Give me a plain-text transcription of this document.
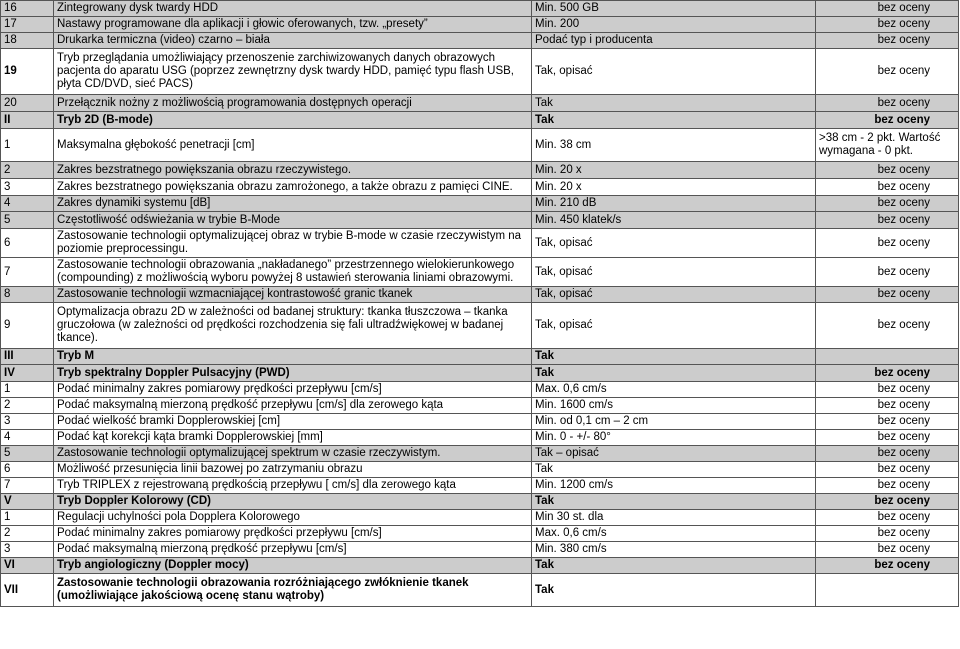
16	Zintegrowany dysk twardy HDD	Min. 500 GB	bez oceny
17	Nastawy programowane dla aplikacji i głowic oferowanych, tzw. „presety”	Min. 200	bez oceny
18	Drukarka termiczna (video) czarno – biała	Podać typ i producenta	bez oceny
19	Tryb przeglądania umożliwiający przenoszenie zarchiwizowanych danych obrazowych pacjenta do aparatu USG (poprzez zewnętrzny dysk twardy HDD, pamięć typu flash USB, płyta CD/DVD, sieć PACS)	Tak, opisać	bez oceny
20	Przełącznik nożny z możliwością programowania dostępnych operacji	Tak	bez oceny
II	Tryb 2D (B-mode)	Tak	bez oceny
1	Maksymalna głębokość penetracji [cm]	Min. 38 cm	>38 cm - 2 pkt. Wartość wymagana - 0 pkt.
2	Zakres bezstratnego powiększania obrazu rzeczywistego.	Min. 20 x	bez oceny
3	Zakres bezstratnego powiększania obrazu zamrożonego, a także obrazu z pamięci CINE.	Min. 20 x	bez oceny
4	Zakres dynamiki systemu [dB]	Min. 210 dB	bez oceny
5	Częstotliwość odświeżania w trybie B-Mode	Min. 450 klatek/s	bez oceny
6	Zastosowanie technologii optymalizującej obraz w trybie B-mode w czasie rzeczywistym na poziomie preprocessingu.	Tak, opisać	bez oceny
7	Zastosowanie technologii obrazowania „nakładanego” przestrzennego wielokierunkowego (compounding) z możliwością wyboru powyżej 8 ustawień sterowania liniami obrazowymi.	Tak, opisać	bez oceny
8	Zastosowanie technologii wzmacniającej kontrastowość granic tkanek	Tak, opisać	bez oceny
9	Optymalizacja obrazu 2D w zależności od badanej struktury: tkanka tłuszczowa – tkanka gruczołowa (w zależności od prędkości rozchodzenia się fali ultradźwiękowej w badanej tkance).	Tak, opisać	bez oceny
III	Tryb M	Tak	
IV	Tryb spektralny Doppler Pulsacyjny (PWD)	Tak	bez oceny
1	Podać minimalny zakres pomiarowy prędkości przepływu [cm/s]	Max. 0,6 cm/s	bez oceny
2	Podać maksymalną mierzoną prędkość przepływu [cm/s] dla zerowego kąta	Min. 1600 cm/s	bez oceny
3	Podać wielkość bramki Dopplerowskiej [cm]	Min. od 0,1 cm – 2 cm	bez oceny
4	Podać kąt korekcji kąta bramki Dopplerowskiej [mm]	Min. 0 - +/- 80°	bez oceny
5	Zastosowanie technologii optymalizującej spektrum w czasie rzeczywistym.	Tak – opisać	bez oceny
6	Możliwość przesunięcia linii bazowej po zatrzymaniu obrazu	Tak	bez oceny
7	Tryb TRIPLEX z rejestrowaną prędkością przepływu [ cm/s] dla zerowego kąta	Min. 1200 cm/s	bez oceny
V	Tryb Doppler Kolorowy (CD)	Tak	bez oceny
1	Regulacji uchylności pola Dopplera Kolorowego	Min 30 st. dla	bez oceny
2	Podać minimalny zakres pomiarowy prędkości przepływu [cm/s]	Max. 0,6 cm/s	bez oceny
3	Podać maksymalną mierzoną prędkość przepływu [cm/s]	Min. 380 cm/s	bez oceny
VI	Tryb angiologiczny (Doppler mocy)	Tak	bez oceny
VII	Zastosowanie technologii obrazowania rozróżniającego zwłóknienie tkanek (umożliwiające jakościową ocenę stanu wątroby)	Tak	
